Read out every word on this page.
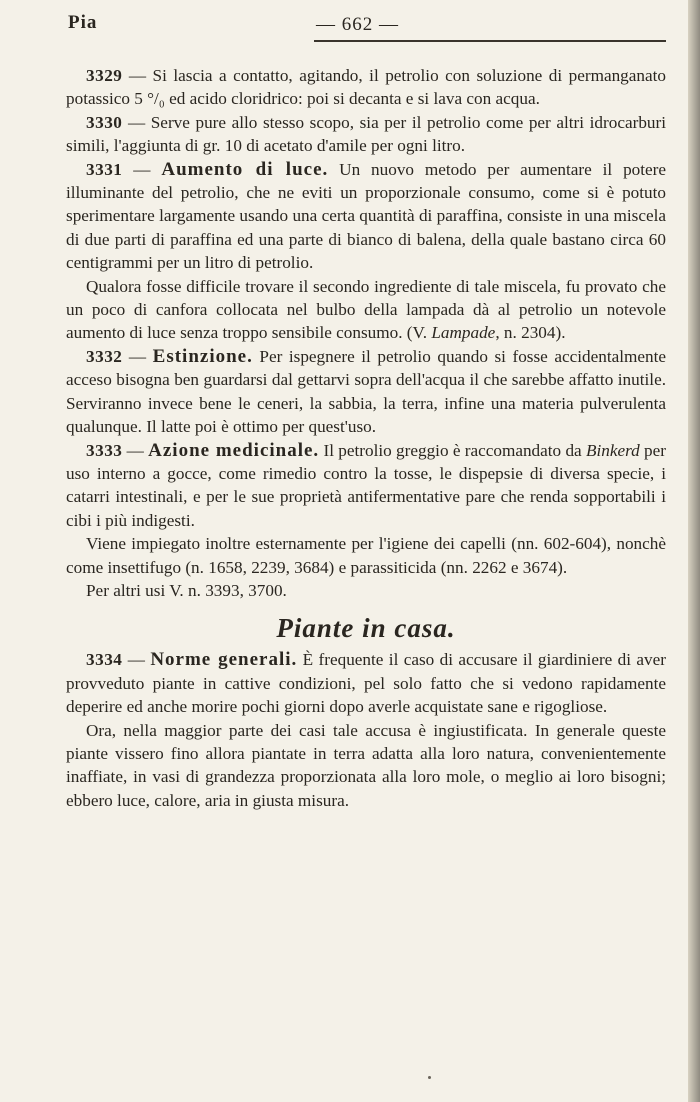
Pia	— 662 —

3329 — Si lascia a contatto, agitando, il petrolio con soluzione di permanganato potassico 5 °/₀ ed acido cloridrico: poi si decanta e si lava con acqua.

3330 — Serve pure allo stesso scopo, sia per il petrolio come per altri idrocarburi simili, l'aggiunta di gr. 10 di acetato d'amile per ogni litro.

3331 — Aumento di luce. Un nuovo metodo per aumentare il potere illuminante del petrolio, che ne eviti un proporzionale consumo, come si è potuto sperimentare largamente usando una certa quantità di paraffina, consiste in una miscela di due parti di paraffina ed una parte di bianco di balena, della quale bastano circa 60 centigrammi per un litro di petrolio.

Qualora fosse difficile trovare il secondo ingrediente di tale miscela, fu provato che un poco di canfora collocata nel bulbo della lampada dà al petrolio un notevole aumento di luce senza troppo sensibile consumo. (V. Lampade, n. 2304).

3332 — Estinzione. Per ispegnere il petrolio quando si fosse accidentalmente acceso bisogna ben guardarsi dal gettarvi sopra dell'acqua il che sarebbe affatto inutile. Serviranno invece bene le ceneri, la sabbia, la terra, infine una materia pulverulenta qualunque. Il latte poi è ottimo per quest'uso.

3333 — Azione medicinale. Il petrolio greggio è raccomandato da Binkerd per uso interno a gocce, come rimedio contro la tosse, le dispepsie di diversa specie, i catarri intestinali, e per le sue proprietà antifermentative pare che renda sopportabili i cibi i più indigesti.

Viene impiegato inoltre esternamente per l'igiene dei capelli (nn. 602-604), nonchè come insettifugo (n. 1658, 2239, 3684) e parassiticida (nn. 2262 e 3674).

Per altri usi V. n. 3393, 3700.

Piante in casa.

3334 — Norme generali. È frequente il caso di accusare il giardiniere di aver provveduto piante in cattive condizioni, pel solo fatto che si vedono rapidamente deperire ed anche morire pochi giorni dopo averle acquistate sane e rigogliose.

Ora, nella maggior parte dei casi tale accusa è ingiustificata. In generale queste piante vissero fino allora piantate in terra adatta alla loro natura, convenientemente inaffiate, in vasi di grandezza proporzionata alla loro mole, o meglio ai loro bisogni; ebbero luce, calore, aria in giusta misura.
